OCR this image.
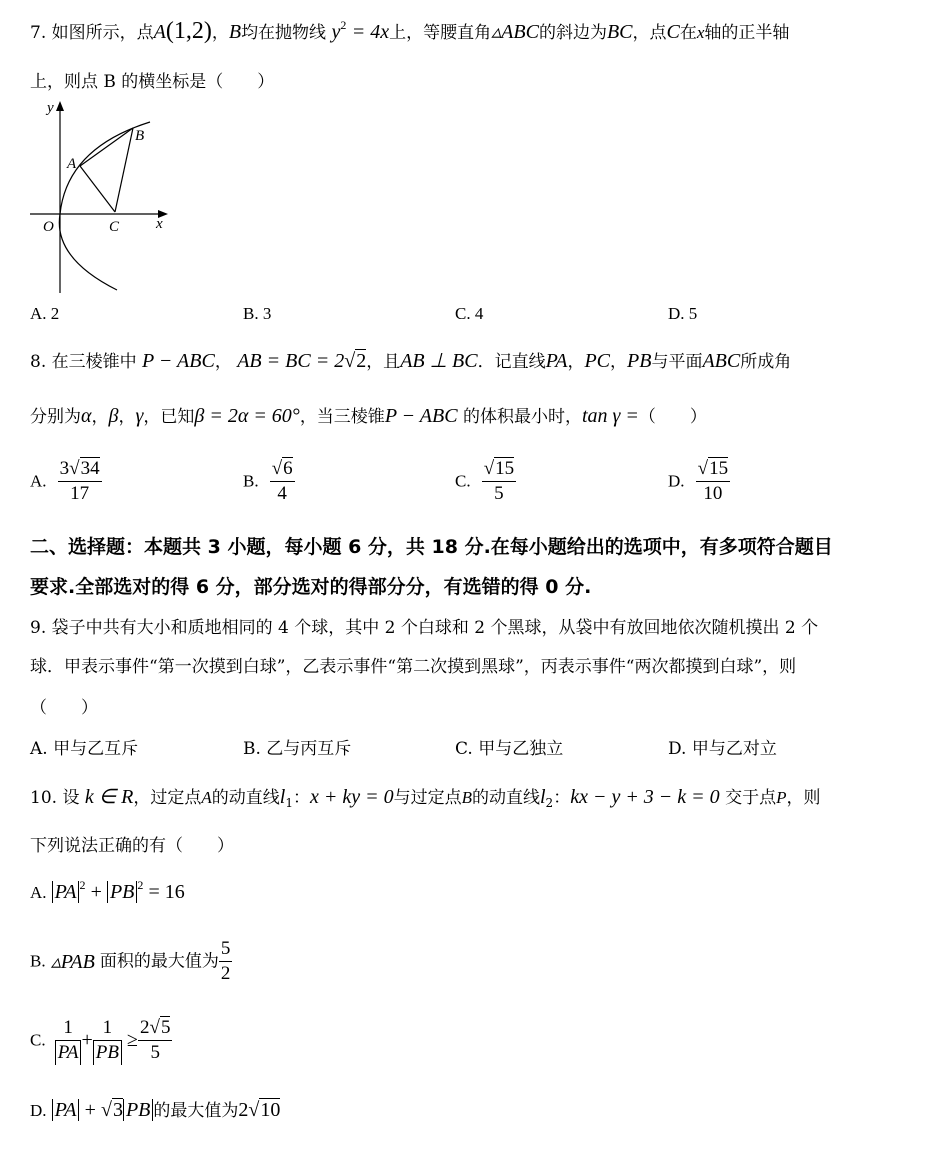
7. 如图所示，点A(1,2)，B均在抛物线 $y^2 = 4x$上，等腰直角▵ABC的斜边为BC，点C在x轴的正半轴
上，则点 B 的横坐标是（　　）
y
A
B
O	C x
A. 2	B. 3	C. 4	D. 5
8. 在三棱锥中 P − ABC， AB = BC = 2√2，且AB ⊥ BC．记直线PA，PC，PB与平面ABC所成角
分别为α，β，γ，已知β = 2α = 60°，当三棱锥P − ABC 的体积最小时，tan γ =（　　）
A. $\frac{3√34}{17}$	B. $\frac{√6}{4}$	C. $\frac{√15}{5}$	D. $\frac{√15}{10}$
二、选择题：本题共 3 小题，每小题 6 分，共 18 分.在每小题给出的选项中，有多项符合题目
要求.全部选对的得 6 分，部分选对的得部分分，有选错的得 0 分.
9. 袋子中共有大小和质地相同的 4 个球，其中 2 个白球和 2 个黑球，从袋中有放回地依次随机摸出 2 个
球．甲表示事件“第一次摸到白球”，乙表示事件“第二次摸到黑球”，丙表示事件“两次都摸到白球”，则
（　　）
A. 甲与乙互斥	B. 乙与丙互斥	C. 甲与乙独立	D. 甲与乙对立
10. 设 k ∈ R，过定点A的动直线$l_1$：x + ky = 0与过定点B的动直线$l_2$：kx − y + 3 − k = 0 交于点P，则
下列说法正确的有（　　）
A. PA $^2$ + PB $^2$ = 16
B. ▵PAB 面积的最大值为 $\frac{5}{2}$
C. $\frac{1}{PA} + \frac{1}{PB} \ge \frac{2√5}{5}$
D. PA + √3 PB 的最大值为2√10
